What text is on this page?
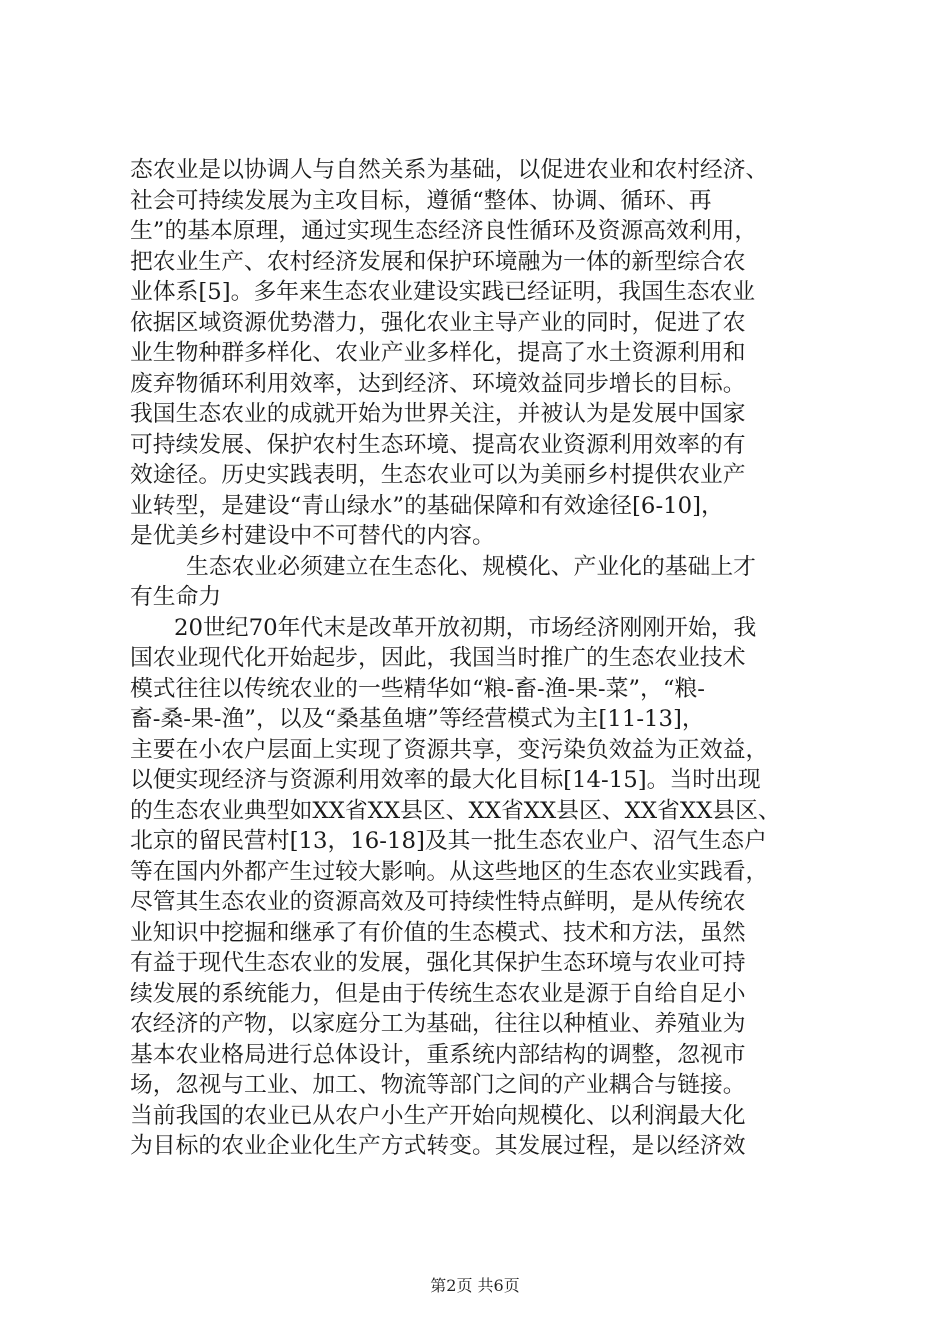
态农业是以协调人与自然关系为基础，以促进农业和农村经济、
社会可持续发展为主攻目标，遵循“整体、协调、循环、再
生”的基本原理，通过实现生态经济良性循环及资源高效利用，
把农业生产、农村经济发展和保护环境融为一体的新型综合农
业体系[5]。多年来生态农业建设实践已经证明，我国生态农业
依据区域资源优势潜力，强化农业主导产业的同时，促进了农
业生物种群多样化、农业产业多样化，提高了水土资源利用和
废弃物循环利用效率，达到经济、环境效益同步增长的目标。
我国生态农业的成就开始为世界关注，并被认为是发展中国家
可持续发展、保护农村生态环境、提高农业资源利用效率的有
效途径。历史实践表明，生态农业可以为美丽乡村提供农业产
业转型，是建设“青山绿水”的基础保障和有效途径[6-10]，
是优美乡村建设中不可替代的内容。
生态农业必须建立在生态化、规模化、产业化的基础上才
有生命力
20世纪70年代末是改革开放初期，市场经济刚刚开始，我
国农业现代化开始起步，因此，我国当时推广的生态农业技术
模式往往以传统农业的一些精华如“粮-畜-渔-果-菜”，“粮-
畜-桑-果-渔”，以及“桑基鱼塘”等经营模式为主[11-13]，
主要在小农户层面上实现了资源共享，变污染负效益为正效益，
以便实现经济与资源利用效率的最大化目标[14-15]。当时出现
的生态农业典型如XX省XX县区、XX省XX县区、XX省XX县区、
北京的留民营村[13，16-18]及其一批生态农业户、沼气生态户
等在国内外都产生过较大影响。从这些地区的生态农业实践看，
尽管其生态农业的资源高效及可持续性特点鲜明，是从传统农
业知识中挖掘和继承了有价值的生态模式、技术和方法，虽然
有益于现代生态农业的发展，强化其保护生态环境与农业可持
续发展的系统能力，但是由于传统生态农业是源于自给自足小
农经济的产物，以家庭分工为基础，往往以种植业、养殖业为
基本农业格局进行总体设计，重系统内部结构的调整，忽视市
场，忽视与工业、加工、物流等部门之间的产业耦合与链接。
当前我国的农业已从农户小生产开始向规模化、以利润最大化
为目标的农业企业化生产方式转变。其发展过程，是以经济效
第2页 共6页
